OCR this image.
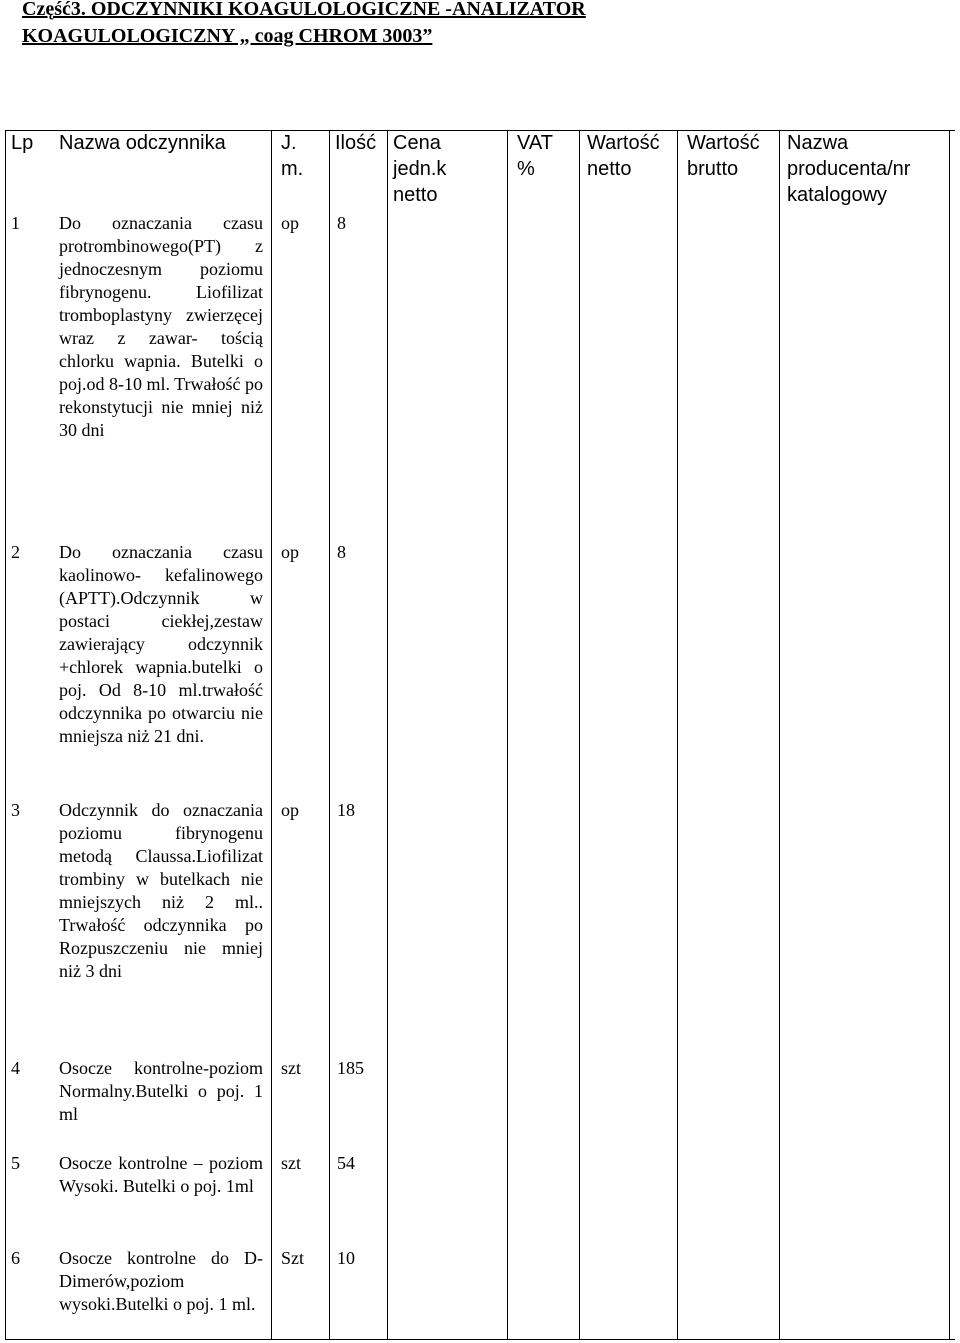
Część3. ODCZYNNIKI KOAGULOLOGICZNE -ANALIZATOR
KOAGULOLOGICZNY „ coag CHROM 3003”
Lp Nazwa odczynnika	J. m.
Ilość Cena jedn.k netto
VAT %
Wartość netto
Wartość brutto
Nazwa producenta/nr katalogowy
1 Do oznaczania czasu protrombinowego(PT) z jednoczesnym poziomu fibrynogenu. Liofilizat tromboplastyny zwierzęcej wraz z zawar- tością chlorku wapnia. Butelki o poj.od 8-10 ml. Trwałość po rekonstytucji nie mniej niż 30 dni
op 8
2 Do oznaczania czasu kaolinowo- kefalinowego (APTT).Odczynnik w postaci ciekłej,zestaw zawierający odczynnik +chlorek wapnia.butelki o poj. Od 8-10 ml.trwałość odczynnika po otwarciu nie mniejsza niż 21 dni.
op 8
3 Odczynnik do oznaczania poziomu fibrynogenu metodą Claussa.Liofilizat trombiny w butelkach nie mniejszych niż 2 ml.. Trwałość odczynnika po Rozpuszczeniu nie mniej niż 3 dni
op 18
4 Osocze kontrolne-poziom Normalny.Butelki o poj. 1 ml
szt 185
5 Osocze kontrolne – poziom Wysoki. Butelki o poj. 1ml
szt 54
6 Osocze kontrolne do D-Dimerów,poziom wysoki.Butelki o poj. 1 ml.
Szt 10
